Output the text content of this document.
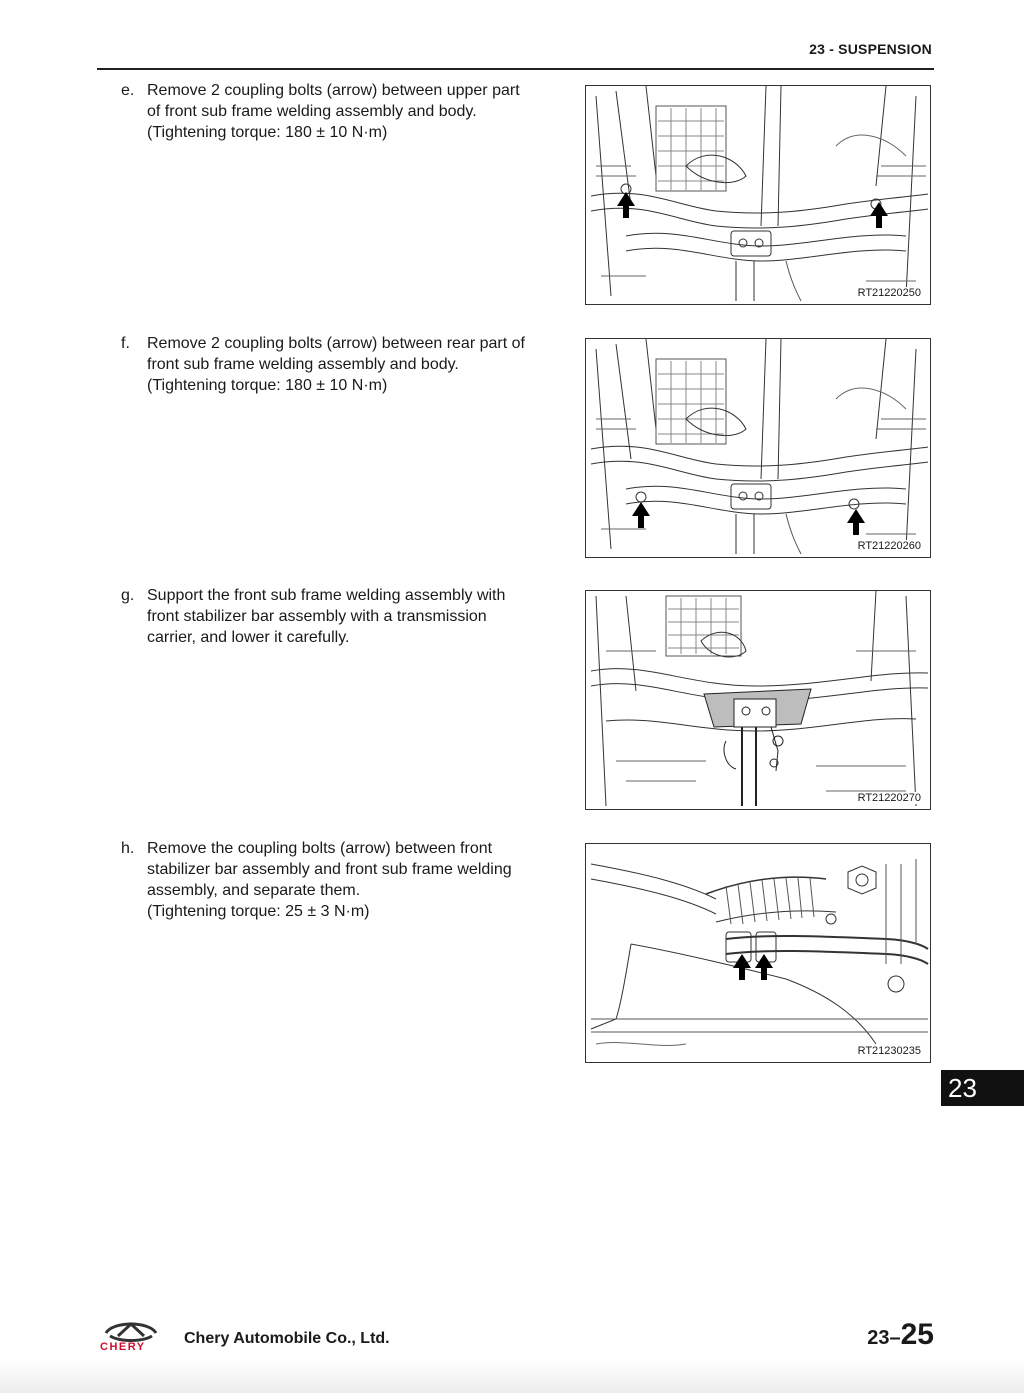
23 - SUSPENSION
e. Remove 2 coupling bolts (arrow) between upper part
of front sub frame welding assembly and body.
(Tightening torque: 180 ± 10 N·m)
RT21220250
f. Remove 2 coupling bolts (arrow) between rear part of
front sub frame welding assembly and body.
(Tightening torque: 180 ± 10 N·m)
RT21220260
g. Support the front sub frame welding assembly with
front stabilizer bar assembly with a transmission
carrier, and lower it carefully.
RT21220270
h. Remove the coupling bolts (arrow) between front
stabilizer bar assembly and front sub frame welding
assembly, and separate them.
(Tightening torque: 25 ± 3 N·m)
RT21230235
23
CHERY Chery Automobile Co., Ltd.	23–25
